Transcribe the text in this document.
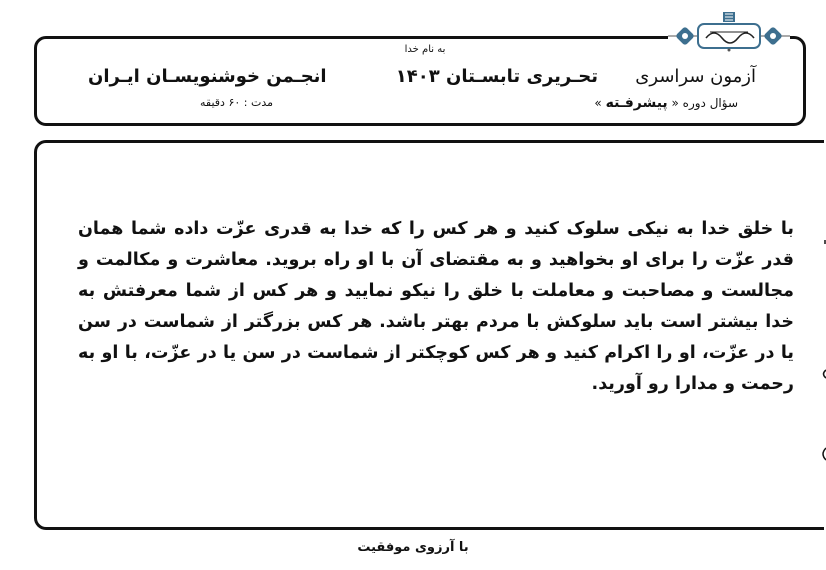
به نام خدا
آزمون سراسری
تحـریری تابسـتان ۱۴۰۳
انجـمن خوشنویسـان ایـران
سؤال دوره « پیشرفـته »
مدت : ۶۰ دقیقه
با خلق خدا به نیکی سلوک کنید و هر کس را که خدا به قدری عزّت داده شما همان قدر عزّت را برای او بخواهید و به مقتضای آن با او راه بروید. معاشرت و مکالمت و مجالست و مصاحبت و معاملت با خلق را نیکو نمایید و هر کس از شما معرفتش به خدا بیشتر است باید سلوکش با مردم بهتر باشد. هر کس بزرگتر از شماست در سن یا در عزّت، او را اکرام کنید و هر کس کوچکتر از شماست در سن یا در عزّت، با او به رحمت و مدارا رو آورید.
با آرزوی موفقیت
